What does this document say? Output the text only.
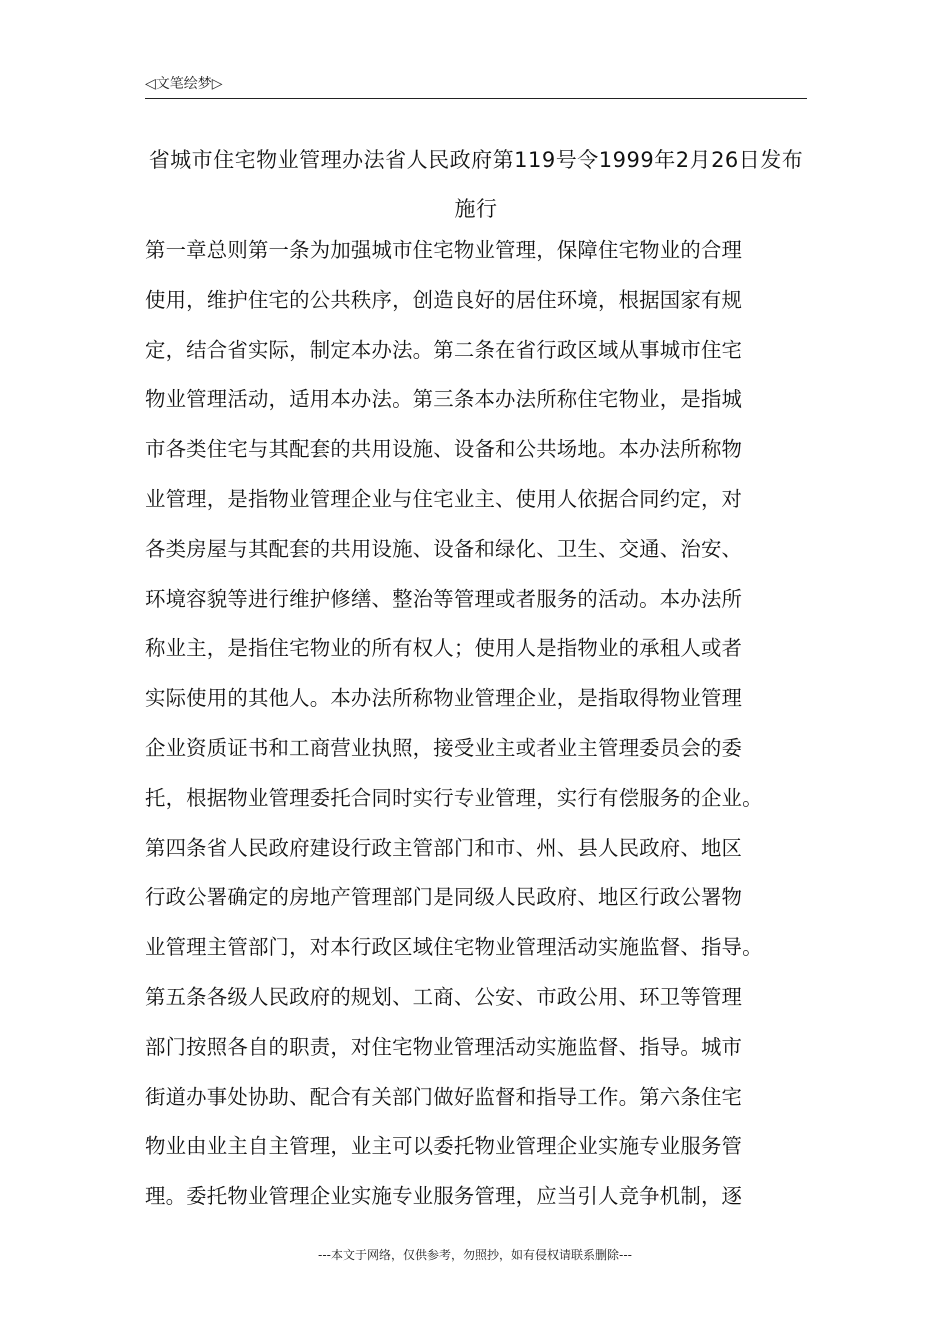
◁文笔绘梦▷
省城市住宅物业管理办法省人民政府第119号令1999年2月26日发布施行
第一章总则第一条为加强城市住宅物业管理，保障住宅物业的合理
使用，维护住宅的公共秩序，创造良好的居住环境，根据国家有规
定，结合省实际，制定本办法。第二条在省行政区域从事城市住宅
物业管理活动，适用本办法。第三条本办法所称住宅物业，是指城
市各类住宅与其配套的共用设施、设备和公共场地。本办法所称物
业管理，是指物业管理企业与住宅业主、使用人依据合同约定，对
各类房屋与其配套的共用设施、设备和绿化、卫生、交通、治安、
环境容貌等进行维护修缮、整治等管理或者服务的活动。本办法所
称业主，是指住宅物业的所有权人；使用人是指物业的承租人或者
实际使用的其他人。本办法所称物业管理企业，是指取得物业管理
企业资质证书和工商营业执照，接受业主或者业主管理委员会的委
托，根据物业管理委托合同时实行专业管理，实行有偿服务的企业。
第四条省人民政府建设行政主管部门和市、州、县人民政府、地区
行政公署确定的房地产管理部门是同级人民政府、地区行政公署物
业管理主管部门，对本行政区域住宅物业管理活动实施监督、指导。
第五条各级人民政府的规划、工商、公安、市政公用、环卫等管理
部门按照各自的职责，对住宅物业管理活动实施监督、指导。城市
街道办事处协助、配合有关部门做好监督和指导工作。第六条住宅
物业由业主自主管理，业主可以委托物业管理企业实施专业服务管
理。委托物业管理企业实施专业服务管理，应当引人竞争机制，逐
---本文于网络，仅供参考，勿照抄，如有侵权请联系删除---
